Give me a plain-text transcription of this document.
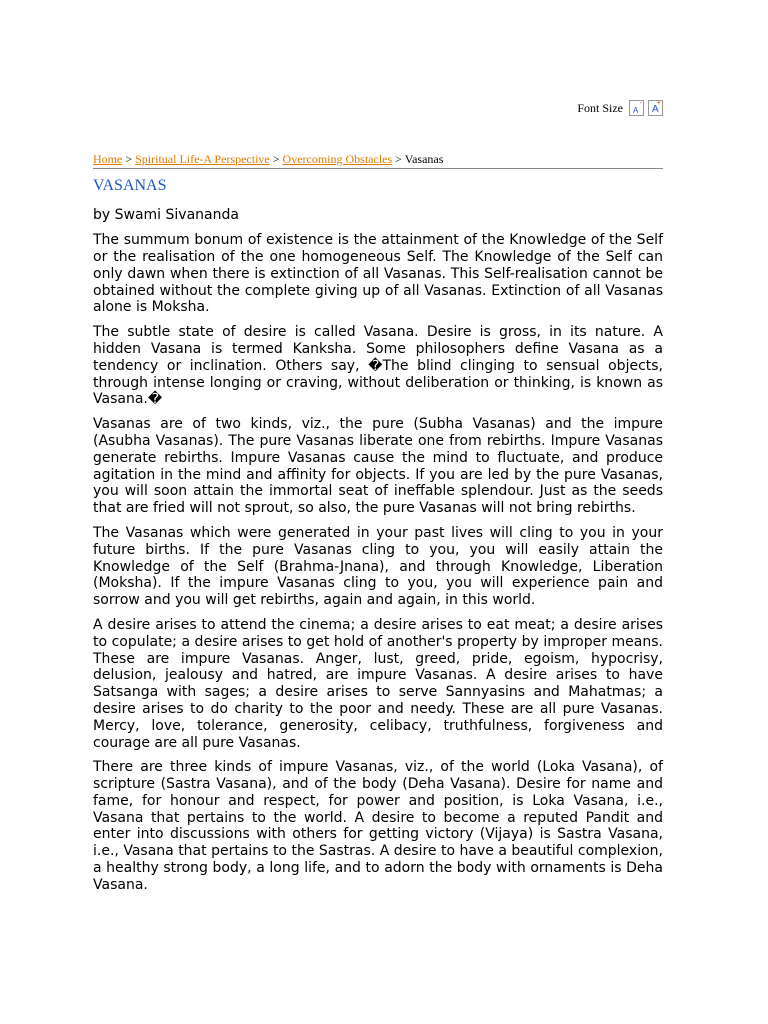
Font Size A
-
A
+
Home > Spiritual Life-A Perspective > Overcoming Obstacles > Vasanas
VASANAS
by Swami Sivananda

The summum bonum of existence is the attainment of the Knowledge of the Self or the realisation of the one homogeneous Self. The Knowledge of the Self can only dawn when there is extinction of all Vasanas. This Self-realisation cannot be obtained without the complete giving up of all Vasanas. Extinction of all Vasanas alone is Moksha.

The subtle state of desire is called Vasana. Desire is gross, in its nature. A hidden Vasana is termed Kanksha. Some philosophers define Vasana as a tendency or inclination. Others say, �The blind clinging to sensual objects, through intense longing or craving, without deliberation or thinking, is known as Vasana.�

Vasanas are of two kinds, viz., the pure (Subha Vasanas) and the impure (Asubha Vasanas). The pure Vasanas liberate one from rebirths. Impure Vasanas generate rebirths. Impure Vasanas cause the mind to fluctuate, and produce agitation in the mind and affinity for objects. If you are led by the pure Vasanas, you will soon attain the immortal seat of ineffable splendour. Just as the seeds that are fried will not sprout, so also, the pure Vasanas will not bring rebirths.

The Vasanas which were generated in your past lives will cling to you in your future births. If the pure Vasanas cling to you, you will easily attain the Knowledge of the Self (Brahma-Jnana), and through Knowledge, Liberation (Moksha). If the impure Vasanas cling to you, you will experience pain and sorrow and you will get rebirths, again and again, in this world.

A desire arises to attend the cinema; a desire arises to eat meat; a desire arises to copulate; a desire arises to get hold of another's property by improper means. These are impure Vasanas. Anger, lust, greed, pride, egoism, hypocrisy, delusion, jealousy and hatred, are impure Vasanas. A desire arises to have Satsanga with sages; a desire arises to serve Sannyasins and Mahatmas; a desire arises to do charity to the poor and needy. These are all pure Vasanas. Mercy, love, tolerance, generosity, celibacy, truthfulness, forgiveness and courage are all pure Vasanas.

There are three kinds of impure Vasanas, viz., of the world (Loka Vasana), of scripture (Sastra Vasana), and of the body (Deha Vasana). Desire for name and fame, for honour and respect, for power and position, is Loka Vasana, i.e., Vasana that pertains to the world. A desire to become a reputed Pandit and enter into discussions with others for getting victory (Vijaya) is Sastra Vasana, i.e., Vasana that pertains to the Sastras. A desire to have a beautiful complexion, a healthy strong body, a long life, and to adorn the body with ornaments is Deha Vasana.
